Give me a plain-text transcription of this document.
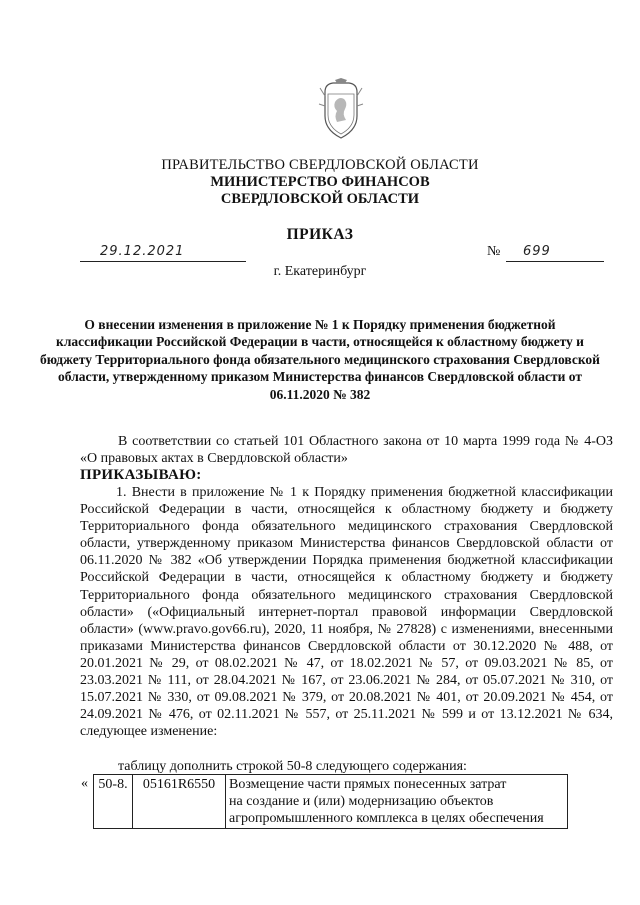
ПРАВИТЕЛЬСТВО СВЕРДЛОВСКОЙ ОБЛАСТИ
МИНИСТЕРСТВО ФИНАНСОВ
СВЕРДЛОВСКОЙ ОБЛАСТИ
ПРИКАЗ
29.12.2021	№ 699
г. Екатеринбург
О внесении изменения в приложение № 1 к Порядку применения бюджетной классификации Российской Федерации в части, относящейся к областному бюджету и бюджету Территориального фонда обязательного медицинского страхования Свердловской области, утвержденному приказом Министерства финансов Свердловской области от 06.11.2020 № 382
В соответствии со статьей 101 Областного закона от 10 марта 1999 года № 4-ОЗ «О правовых актах в Свердловской области»
ПРИКАЗЫВАЮ:
1. Внести в приложение № 1 к Порядку применения бюджетной классификации Российской Федерации в части, относящейся к областному бюджету и бюджету Территориального фонда обязательного медицинского страхования Свердловской области, утвержденному приказом Министерства финансов Свердловской области от 06.11.2020 № 382 «Об утверждении Порядка применения бюджетной классификации Российской Федерации в части, относящейся к областному бюджету и бюджету Территориального фонда обязательного медицинского страхования Свердловской области» («Официальный интернет-портал правовой информации Свердловской области» (www.pravo.gov66.ru), 2020, 11 ноября, № 27828) с изменениями, внесенными приказами Министерства финансов Свердловской области от 30.12.2020 № 488, от 20.01.2021 № 29, от 08.02.2021 № 47, от 18.02.2021 № 57, от 09.03.2021 № 85, от 23.03.2021 № 111, от 28.04.2021 № 167, от 23.06.2021 № 284, от 05.07.2021 № 310, от 15.07.2021 № 330, от 09.08.2021 № 379, от 20.08.2021 № 401, от 20.09.2021 № 454, от 24.09.2021 № 476, от 02.11.2021 № 557, от 25.11.2021 № 599 и от 13.12.2021 № 634, следующее изменение:
таблицу дополнить строкой 50-8 следующего содержания:
« 50-8.	05161R6550	Возмещение части прямых понесенных затрат
на создание и (или) модернизацию объектов
агропромышленного комплекса в целях обеспечения
